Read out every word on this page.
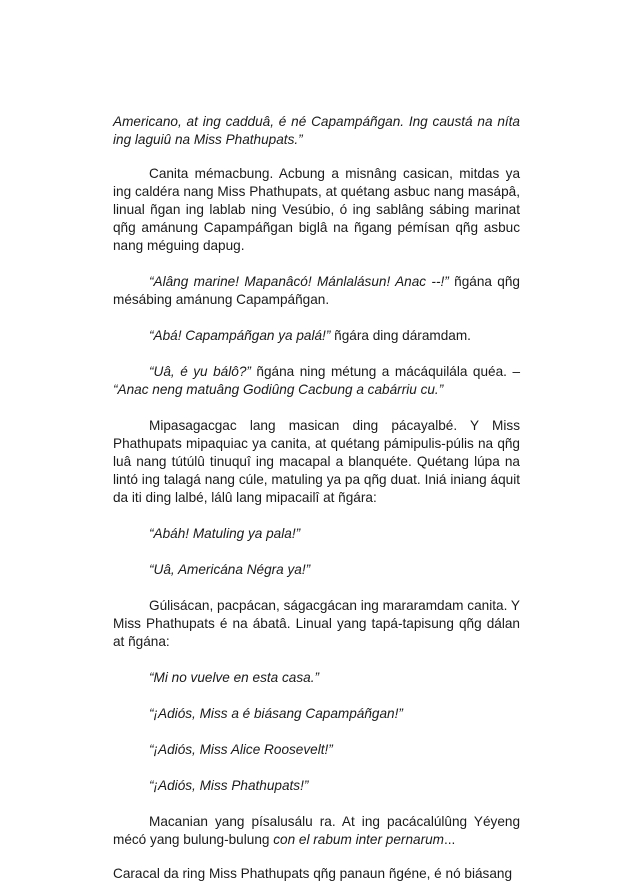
Americano, at ing cadduâ, é né Capampáñgan. Ing caustá na níta ing laguiû na Miss Phathupats.”

Canita mémacbung. Acbung a misnâng casican, mitdas ya ing caldéra nang Miss Phathupats, at quétang asbuc nang masápâ, linual ñgan ing lablab ning Vesúbio, ó ing sablâng sábing marinat qñg amánung Capampáñgan biglâ na ñgang pémísan qñg asbuc nang méguing dapug.

“Alâng marine! Mapanâcó! Mánlalásun! Anac --!” ñgána qñg mésábing amánung Capampáñgan.

“Abá! Capampáñgan ya palá!” ñgára ding dáramdam.

“Uâ, é yu bálô?” ñgána ning métung a mácáquilála quéa. – “Anac neng matuâng Godiûng Cacbung a cabárriu cu.”

Mipasagacgac lang masican ding pácayalbé. Y Miss Phathupats mipaquiac ya canita, at quétang pámipulis-púlis na qñg luâ nang tútúlû tinuquî ing macapal a blanquéte. Quétang lúpa na lintó ing talagá nang cúle, matuling ya pa qñg duat. Iniá iniang áquit da iti ding lalbé, lálû lang mipacailî at ñgára:

“Abáh! Matuling ya pala!”

“Uâ, Americána Négra ya!”

Gúlisácan, pacpácan, ságacgácan ing mararamdam canita. Y Miss Phathupats é na ábatâ. Linual yang tapá-tapisung qñg dálan at ñgána:

“Mi no vuelve en esta casa.”

“¡Adiós, Miss a é biásang Capampáñgan!”

“¡Adiós, Miss Alice Roosevelt!”

“¡Adiós, Miss Phathupats!”

Macanian yang písalusálu ra. At ing pacácalúlûng Yéyeng mécó yang bulung-bulung con el rabum inter pernarum...

Caracal da ring Miss Phathupats qñg panaun ñgéne, é nó biásang
